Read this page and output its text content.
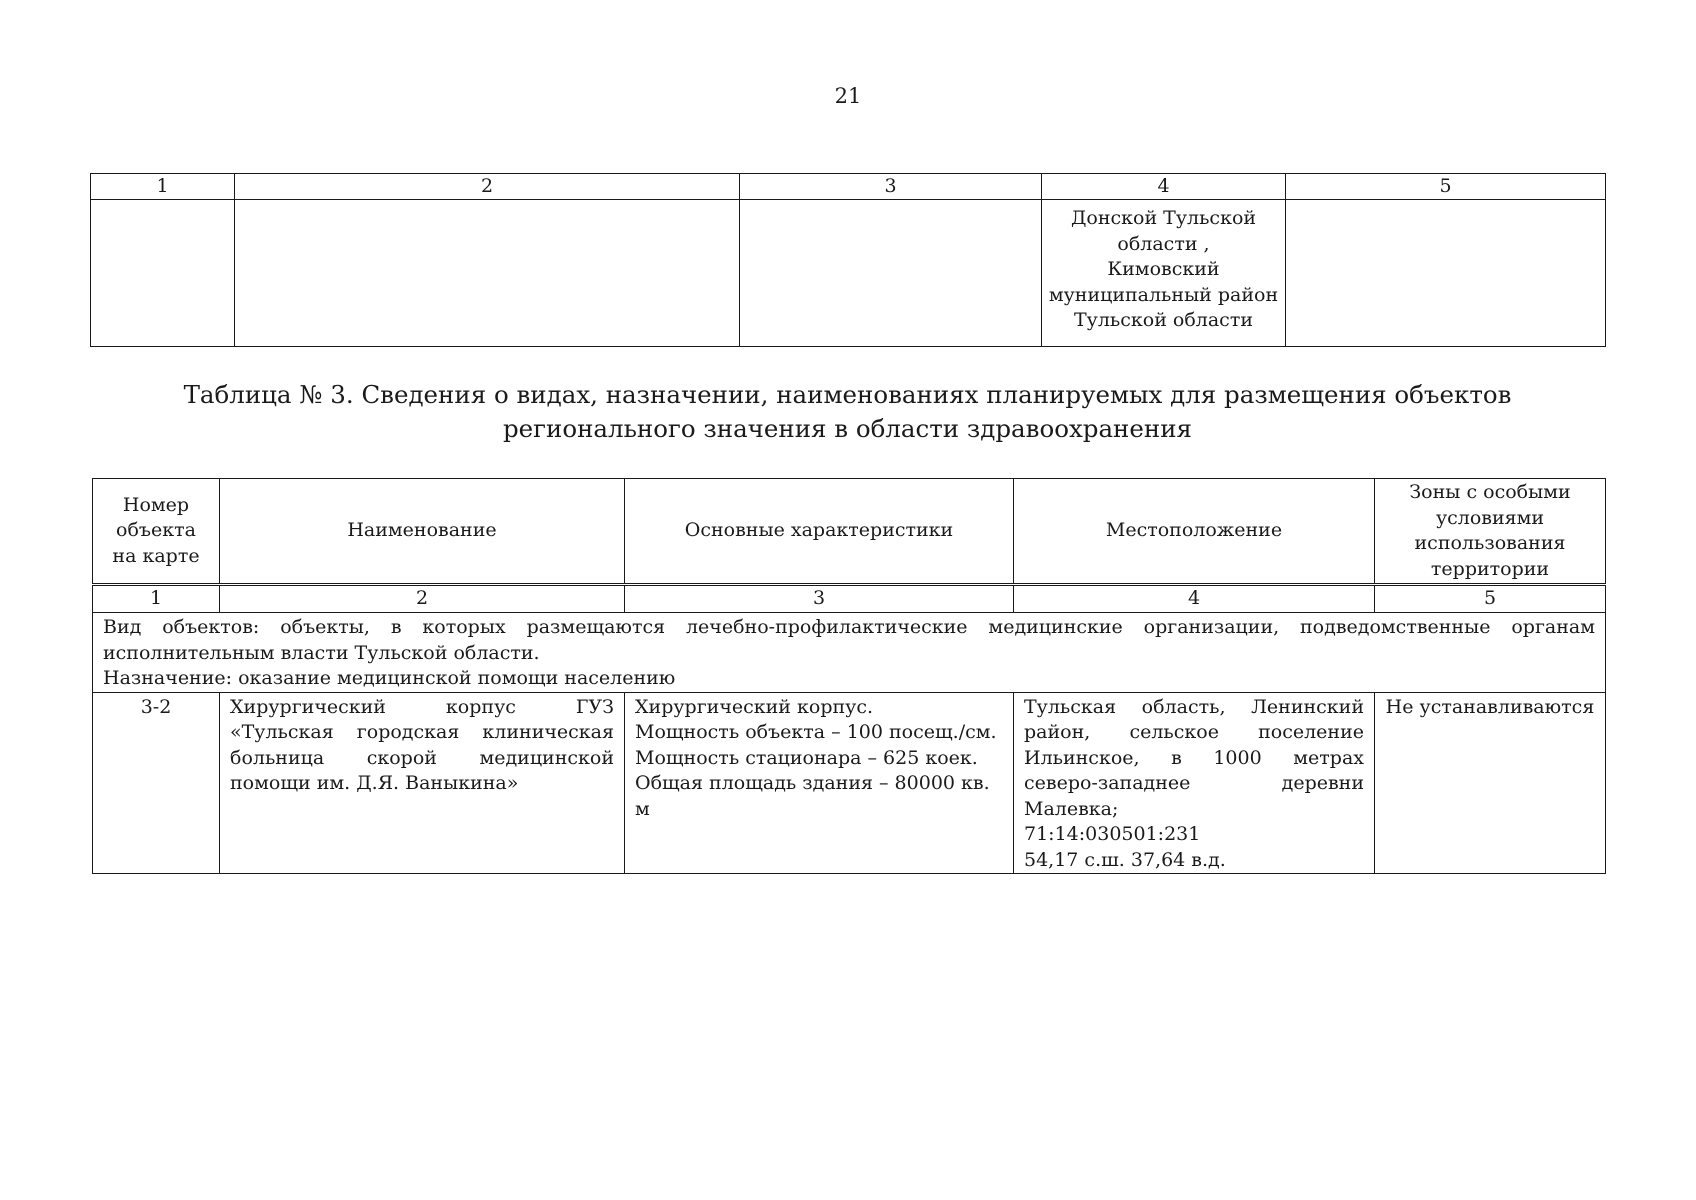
21
1	2	3	4	5

			Донской Тульской
области ,
Кимовский
муниципальный район
Тульской области	

Таблица № 3. Сведения о видах, назначении, наименованиях планируемых для размещения объектов
регионального значения в области здравоохранения
Номер
объекта
на карте	Наименование	Основные характеристики	Местоположение	Зоны с особыми
условиями
использования
территории

1	2	3	4	5

Вид объектов: объекты, в которых размещаются лечебно-профилактические медицинские организации, подведомственные органам исполнительным власти Тульской области.
Назначение: оказание медицинской помощи населению				

3-2	Хирургический корпус ГУЗ «Тульская городская клиническая больница скорой медицинской помощи им. Д.Я. Ваныкина»	Хирургический корпус.
Мощность объекта – 100 посещ./см.
Мощность стационара – 625 коек.
Общая площадь здания – 80000 кв. м	Тульская область, Ленинский район, сельское поселение Ильинское, в 1000 метрах северо-западнее деревни Малевка;
71:14:030501:231
54,17 с.ш. 37,64 в.д.	Не устанавливаются
